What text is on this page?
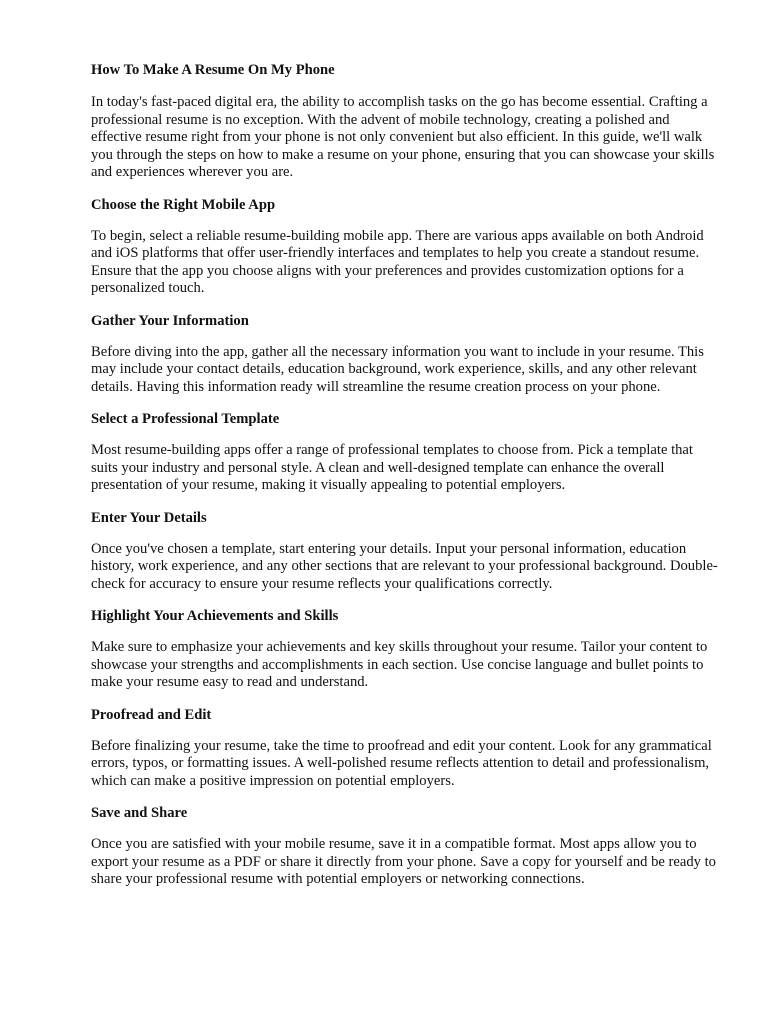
How To Make A Resume On My Phone

In today's fast-paced digital era, the ability to accomplish tasks on the go has become essential. Crafting a professional resume is no exception. With the advent of mobile technology, creating a polished and effective resume right from your phone is not only convenient but also efficient. In this guide, we'll walk you through the steps on how to make a resume on your phone, ensuring that you can showcase your skills and experiences wherever you are.

Choose the Right Mobile App

To begin, select a reliable resume-building mobile app. There are various apps available on both Android and iOS platforms that offer user-friendly interfaces and templates to help you create a standout resume. Ensure that the app you choose aligns with your preferences and provides customization options for a personalized touch.

Gather Your Information

Before diving into the app, gather all the necessary information you want to include in your resume. This may include your contact details, education background, work experience, skills, and any other relevant details. Having this information ready will streamline the resume creation process on your phone.

Select a Professional Template

Most resume-building apps offer a range of professional templates to choose from. Pick a template that suits your industry and personal style. A clean and well-designed template can enhance the overall presentation of your resume, making it visually appealing to potential employers.

Enter Your Details

Once you've chosen a template, start entering your details. Input your personal information, education history, work experience, and any other sections that are relevant to your professional background. Double-check for accuracy to ensure your resume reflects your qualifications correctly.

Highlight Your Achievements and Skills

Make sure to emphasize your achievements and key skills throughout your resume. Tailor your content to showcase your strengths and accomplishments in each section. Use concise language and bullet points to make your resume easy to read and understand.

Proofread and Edit

Before finalizing your resume, take the time to proofread and edit your content. Look for any grammatical errors, typos, or formatting issues. A well-polished resume reflects attention to detail and professionalism, which can make a positive impression on potential employers.

Save and Share

Once you are satisfied with your mobile resume, save it in a compatible format. Most apps allow you to export your resume as a PDF or share it directly from your phone. Save a copy for yourself and be ready to share your professional resume with potential employers or networking connections.
